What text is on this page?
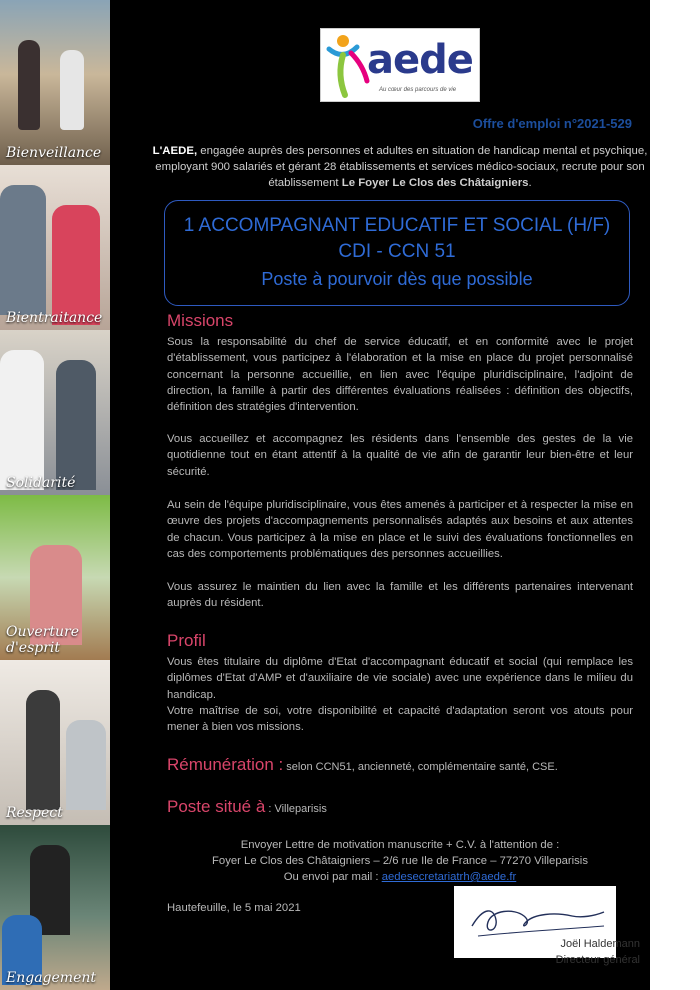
Bienveillance
Bientraitance
Solidarité
Ouverture
d'esprit
Respect
Engagement
aede
Au cœur des parcours de vie
Offre d'emploi n°2021-529

L'AEDE, engagée auprès des personnes et adultes en situation de handicap mental et psychique, employant 900 salariés et gérant 28 établissements et services médico-sociaux, recrute pour son établissement Le Foyer Le Clos des Châtaigniers.

1 ACCOMPAGNANT EDUCATIF ET SOCIAL (H/F)
CDI - CCN 51
Poste à pourvoir dès que possible
Missions

Sous la responsabilité du chef de service éducatif, et en conformité avec le projet d'établissement, vous participez à l'élaboration et la mise en place du projet personnalisé concernant la personne accueillie, en lien avec l'équipe pluridisciplinaire, l'adjoint de direction, la famille à partir des différentes évaluations réalisées : définition des objectifs, définition des stratégies d'intervention.

Vous accueillez et accompagnez les résidents dans l'ensemble des gestes de la vie quotidienne tout en étant attentif à la qualité de vie afin de garantir leur bien-être et leur sécurité.

Au sein de l'équipe pluridisciplinaire, vous êtes amenés à participer et à respecter la mise en œuvre des projets d'accompagnements personnalisés adaptés aux besoins et aux attentes de chacun. Vous participez à la mise en place et le suivi des évaluations fonctionnelles en cas des comportements problématiques des personnes accueillies.

Vous assurez le maintien du lien avec la famille et les différents partenaires intervenant auprès du résident.

Profil

Vous êtes titulaire du diplôme d'Etat d'accompagnant éducatif et social (qui remplace les diplômes d'Etat d'AMP et d'auxiliaire de vie sociale) avec une expérience dans le milieu du handicap.

Votre maîtrise de soi, votre disponibilité et capacité d'adaptation seront vos atouts pour mener à bien vos missions.

Rémunération : selon CCN51, ancienneté, complémentaire santé, CSE.
Poste situé à : Villeparisis
Envoyer Lettre de motivation manuscrite + C.V. à l'attention de :
Foyer Le Clos des Châtaigniers – 2/6 rue Ile de France – 77270 Villeparisis
Ou envoi par mail : aedesecretariatrh@aede.fr
Hautefeuille, le 5 mai 2021
Joël Haldemann
Directeur général
